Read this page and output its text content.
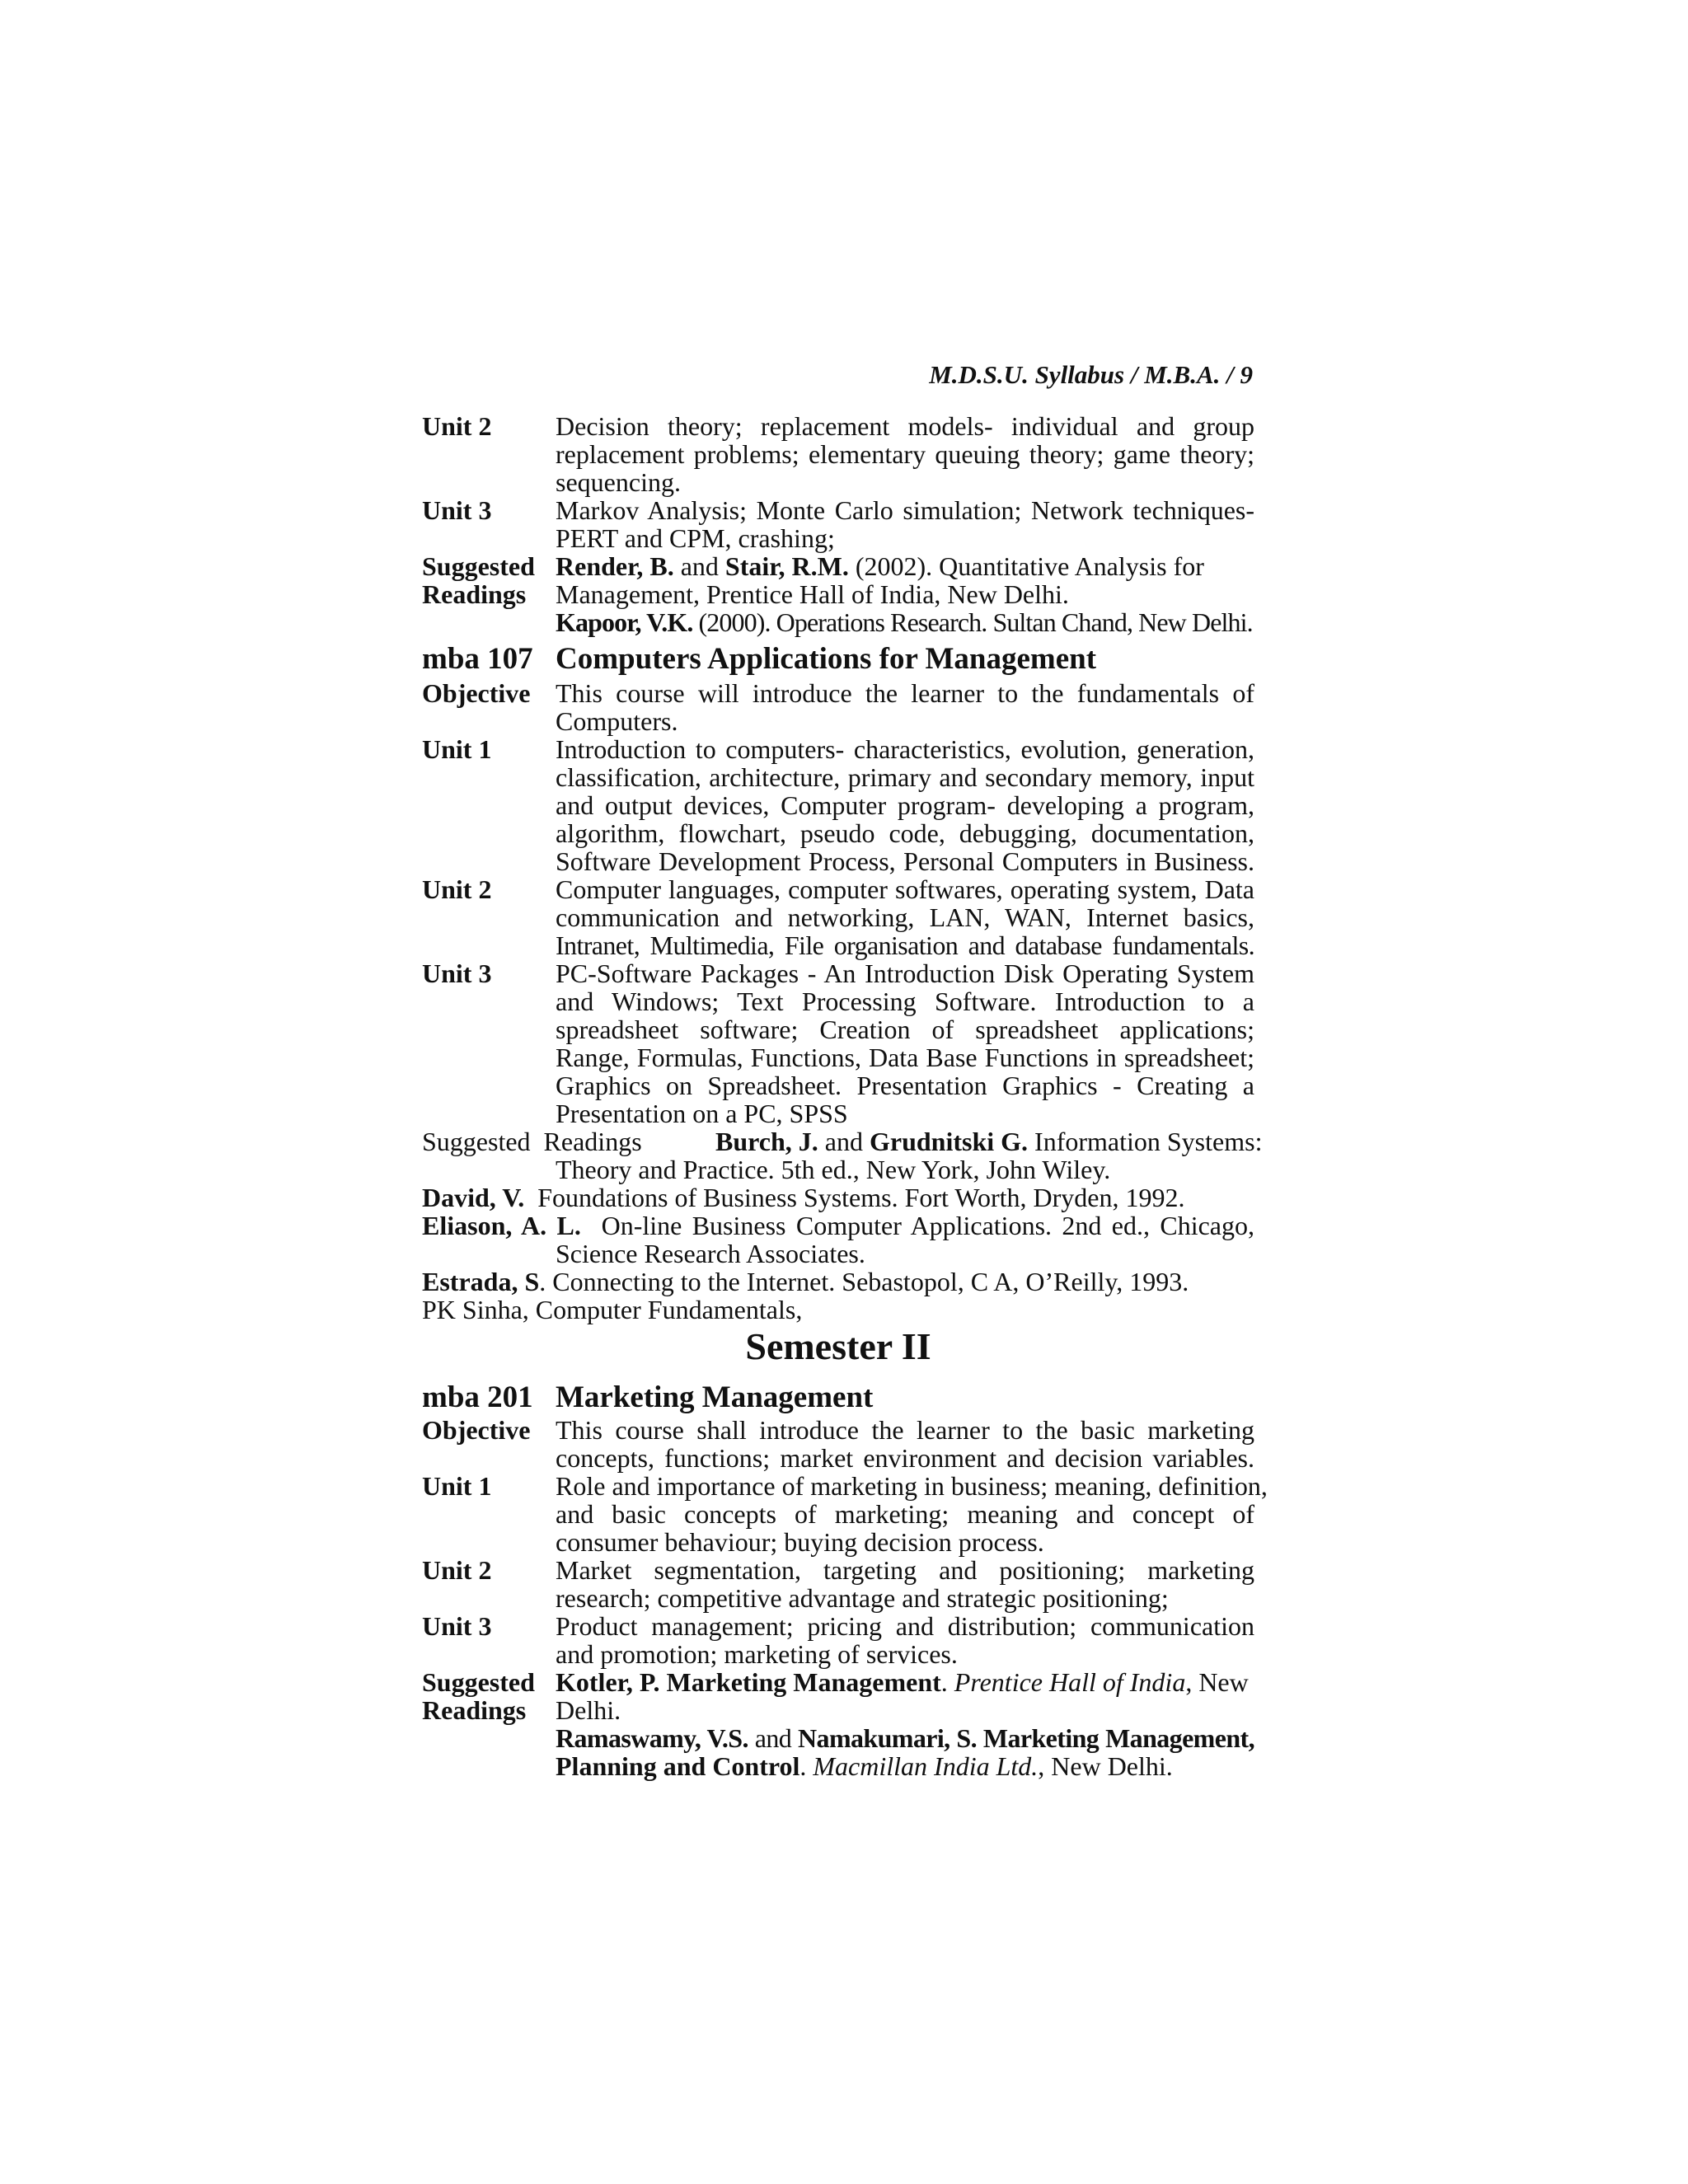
M.D.S.U. Syllabus / M.B.A. / 9
Unit 2 Decision theory; replacement models- individual and group
replacement problems; elementary queuing theory; game theory;
sequencing.
Unit 3 Markov Analysis; Monte Carlo simulation; Network techniques-
PERT and CPM, crashing;
Suggested
Readings
Render, B. and Stair, R.M. (2002). Quantitative Analysis for
Management, Prentice Hall of India, New Delhi.
Kapoor, V.K. (2000). Operations Research. Sultan Chand, New Delhi.
mba 107 Computers Applications for Management
Objective This course will introduce the learner to the fundamentals of
Computers.
Unit 1 Introduction to computers- characteristics, evolution, generation,
classification, architecture, primary and secondary memory, input
and output devices, Computer program- developing a program,
algorithm, flowchart, pseudo code, debugging, documentation,
Software Development Process, Personal Computers in Business.
Unit 2 Computer languages, computer softwares, operating system, Data
communication and networking, LAN, WAN, Internet basics,
Intranet, Multimedia, File organisation and database fundamentals.
Unit 3 PC-Software Packages - An Introduction Disk Operating System
and Windows; Text Processing Software. Introduction to a
spreadsheet software; Creation of spreadsheet applications;
Range, Formulas, Functions, Data Base Functions in spreadsheet;
Graphics on Spreadsheet. Presentation Graphics - Creating a
Presentation on a PC, SPSS
Suggested  Readings	Burch, J. and Grudnitski G. Information Systems:
Theory and Practice. 5th ed., New York, John Wiley.
David, V.  Foundations of Business Systems. Fort Worth, Dryden, 1992.
Eliason, A. L.  On-line Business Computer Applications. 2nd ed., Chicago,
Science Research Associates.
Estrada, S. Connecting to the Internet. Sebastopol, C A, O’Reilly, 1993.
PK Sinha, Computer Fundamentals,
Semester II
mba 201 Marketing Management
Objective This course shall introduce the learner to the basic marketing
concepts, functions; market environment and decision variables.
Unit 1 Role and importance of marketing in business; meaning, definition,
and basic concepts of marketing; meaning and concept of
consumer behaviour; buying decision process.
Unit 2 Market segmentation, targeting and positioning; marketing
research; competitive advantage and strategic positioning;
Unit 3 Product management; pricing and distribution; communication
and promotion; marketing of services.
Suggested
Readings
Kotler, P. Marketing Management. Prentice Hall of India, New
Delhi.
Ramaswamy, V.S. and Namakumari, S. Marketing Management,
Planning and Control. Macmillan India Ltd., New Delhi.
